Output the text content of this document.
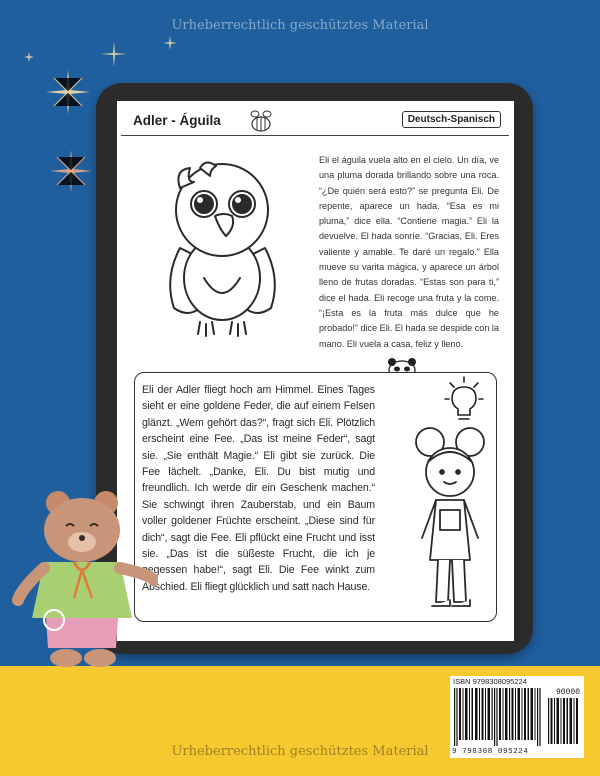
Urheberrechtlich geschütztes Material
Adler - Águila	Deutsch-Spanisch
Eli el águila vuela alto en el cielo. Un día, ve una pluma dorada brillando sobre una roca. “¿De quién será esto?” se pregunta Eli. De repente, aparece un hada. “Esa es mi pluma,” dice ella. “Contiene magia.” Eli la devuelve. El hada sonríe. “Gracias, Eli. Eres valiente y amable. Te daré un regalo.” Ella mueve su varita mágica, y aparece un árbol lleno de frutas doradas. “Estas son para ti,” dice el hada. Eli recoge una fruta y la come. “¡Esta es la fruta más dulce que he probado!” dice Eli. El hada se despide con la mano. Eli vuela a casa, feliz y lleno.
Eli der Adler fliegt hoch am Himmel. Eines Tages sieht er eine goldene Feder, die auf einem Felsen glänzt. „Wem gehört das?“, fragt sich Eli. Plötzlich erscheint eine Fee. „Das ist meine Feder“, sagt sie. „Sie enthält Magie.“ Eli gibt sie zurück. Die Fee lächelt. „Danke, Eli. Du bist mutig und freundlich. Ich werde dir ein Geschenk machen.“ Sie schwingt ihren Zauberstab, und ein Baum voller goldener Früchte erscheint. „Diese sind für dich“, sagt die Fee. Eli pflückt eine Frucht und isst sie. „Das ist die süßeste Frucht, die ich je gegessen habe!“, sagt Eli. Die Fee winkt zum Abschied. Eli fliegt glücklich und satt nach Hause.
ISBN 9798308095224
90000
9 798308 095224
Urheberrechtlich geschütztes Material
